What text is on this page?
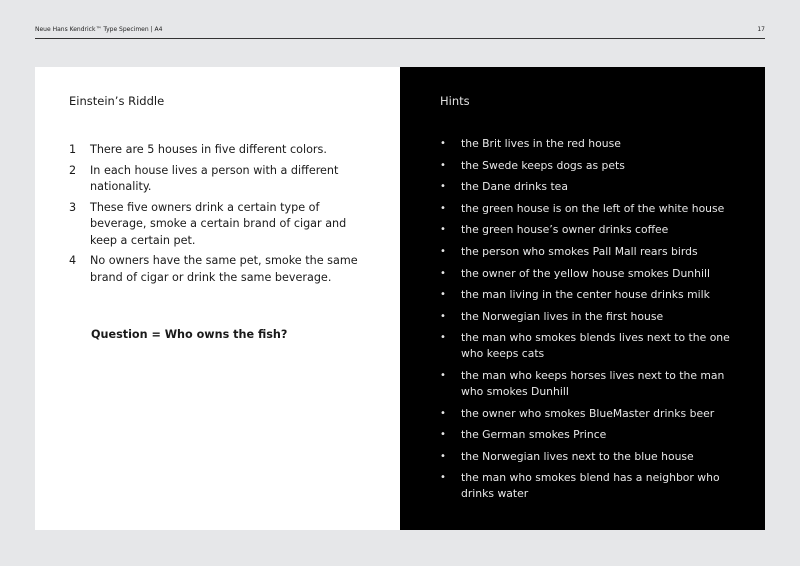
Neue Hans Kendrick™ Type Specimen | A4	17
Einstein’s Riddle
1	There are 5 houses in five different colors.
2	In each house lives a person with a different nationality.
3	These five owners drink a certain type of beverage, smoke a certain brand of cigar and keep a certain pet.
4	No owners have the same pet, smoke the same brand of cigar or drink the same beverage.
Question = Who owns the fish?
Hints
•	the Brit lives in the red house
•	the Swede keeps dogs as pets
•	the Dane drinks tea
•	the green house is on the left of the white house
•	the green house’s owner drinks coffee
•	the person who smokes Pall Mall rears birds
•	the owner of the yellow house smokes Dunhill
•	the man living in the center house drinks milk
•	the Norwegian lives in the first house
•	the man who smokes blends lives next to the one who keeps cats
•	the man who keeps horses lives next to the man who smokes Dunhill
•	the owner who smokes BlueMaster drinks beer
•	the German smokes Prince
•	the Norwegian lives next to the blue house
•	the man who smokes blend has a neighbor who drinks water
